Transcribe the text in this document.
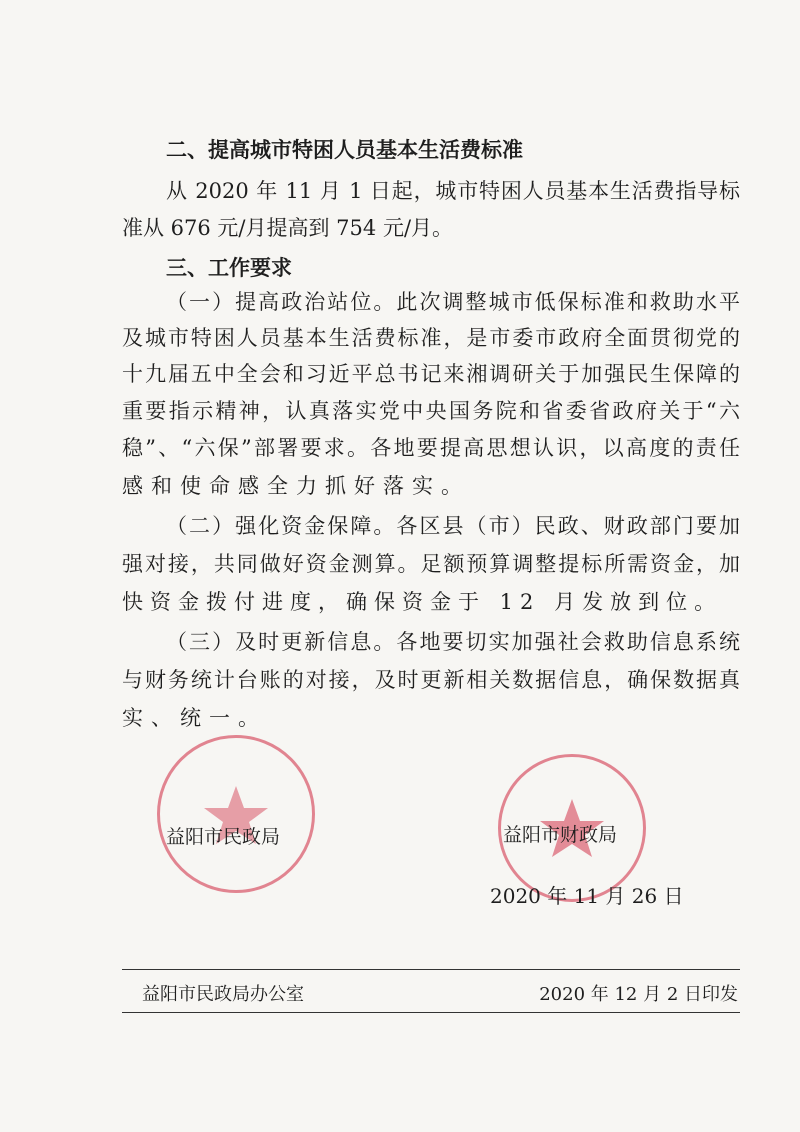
二、提高城市特困人员基本生活费标准
从 2020 年 11 月 1 日起，城市特困人员基本生活费指导标
准从 676 元/月提高到 754 元/月。
三、工作要求
（一）提高政治站位。此次调整城市低保标准和救助水平
及城市特困人员基本生活费标准，是市委市政府全面贯彻党的
十九届五中全会和习近平总书记来湘调研关于加强民生保障的
重要指示精神，认真落实党中央国务院和省委省政府关于“六
稳”、“六保”部署要求。各地要提高思想认识，以高度的责任
感和使命感全力抓好落实。
（二）强化资金保障。各区县（市）民政、财政部门要加
强对接，共同做好资金测算。足额预算调整提标所需资金，加
快资金拨付进度，确保资金于 12 月发放到位。
（三）及时更新信息。各地要切实加强社会救助信息系统
与财务统计台账的对接，及时更新相关数据信息，确保数据真
实、统一。
益阳市民政局	益阳市财政局
2020 年 11 月 26 日
益阳市民政局办公室	2020 年 12 月 2 日印发
